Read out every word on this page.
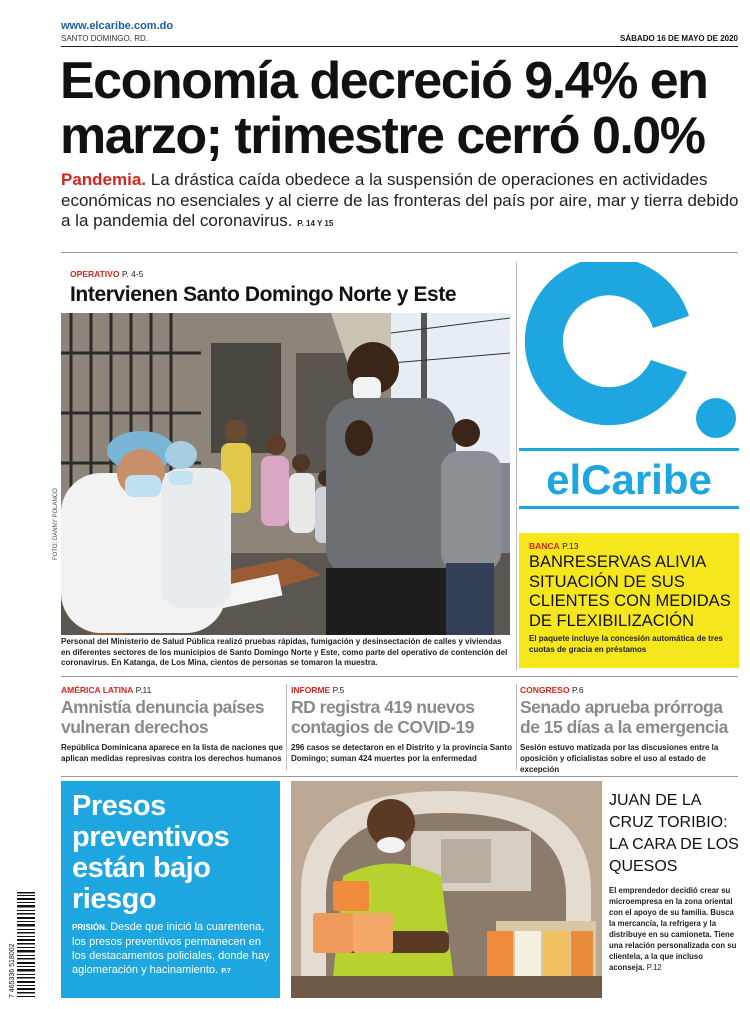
www.elcaribe.com.do
SANTO DOMINGO, RD.	SÁBADO 16 DE MAYO DE 2020
Economía decreció 9.4% en marzo; trimestre cerró 0.0%
Pandemia. La drástica caída obedece a la suspensión de operaciones en actividades económicas no esenciales y al cierre de las fronteras del país por aire, mar y tierra debido a la pandemia del coronavirus. P. 14 Y 15
OPERATIVO P. 4-5
Intervienen Santo Domingo Norte y Este
FOTO: DANNY POLANCO
Personal del Ministerio de Salud Pública realizó pruebas rápidas, fumigación y desinsectación de calles y viviendas en diferentes sectores de los municipios de Santo Domingo Norte y Este, como parte del operativo de contención del coronavirus. En Katanga, de Los Mina, cientos de personas se tomaron la muestra.
elCaribe
BANCA P.13
BANRESERVAS ALIVIA SITUACIÓN DE SUS CLIENTES CON MEDIDAS DE FLEXIBILIZACIÓN
El paquete incluye la concesión automática de tres cuotas de gracia en préstamos
AMÉRICA LATINA P.11
Amnistía denuncia países vulneran derechos
República Dominicana aparece en la lista de naciones que aplican medidas represivas contra los derechos humanos
INFORME P.5
RD registra 419 nuevos contagios de COVID-19
296 casos se detectaron en el Distrito y la provincia Santo Domingo; suman 424 muertes por la enfermedad
CONGRESO P.6
Senado aprueba prórroga de 15 días a la emergencia
Sesión estuvo matizada por las discusiones entre la oposición y oficialistas sobre el uso al estado de excepción
Presos preventivos están bajo riesgo
PRISIÓN. Desde que inició la cuarentena, los presos preventivos permanecen en los destacamentos policiales, donde hay aglomeración y hacinamiento. P.7
JUAN DE LA CRUZ TORIBIO: LA CARA DE LOS QUESOS
El emprendedor decidió crear su microempresa en la zona oriental con el apoyo de su familia. Busca la mercancía, la refrigera y la distribuye en su camioneta. Tiene una relación personalizada con su clientela, a la que incluso aconseja. P.12
7 465336 518002
